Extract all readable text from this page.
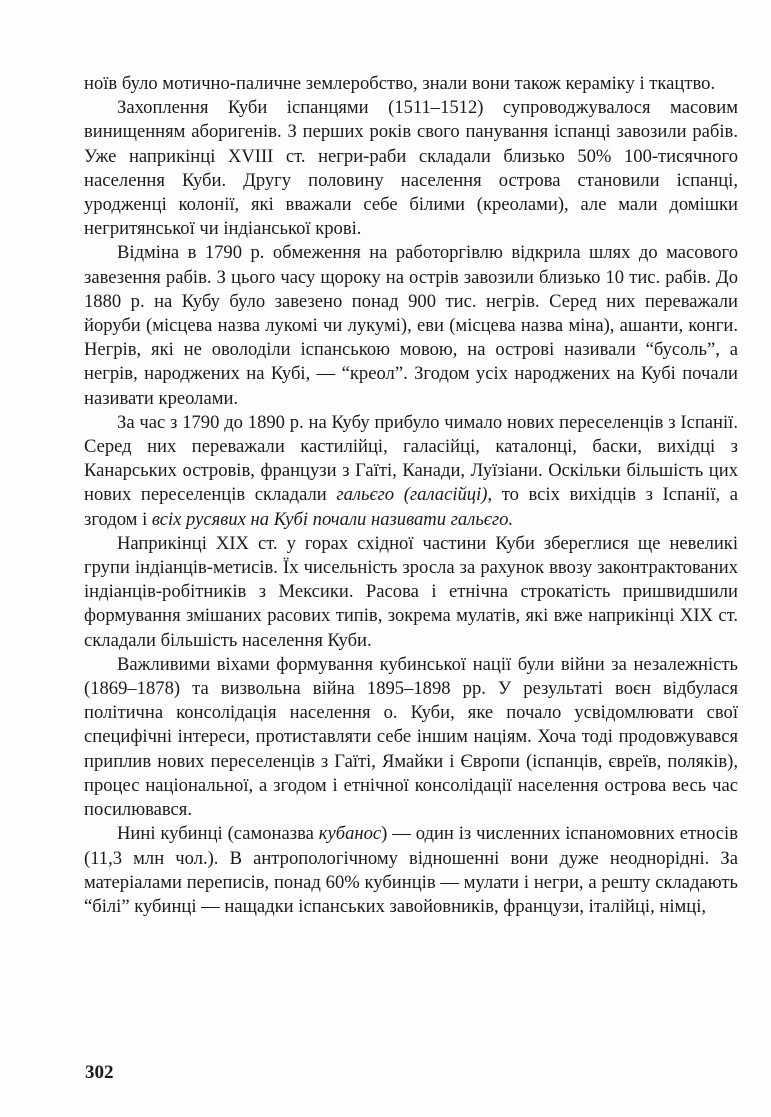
ноїв було мотично-паличне землеробство, знали вони також кераміку і ткацтво.

Захоплення Куби іспанцями (1511–1512) супроводжувалося масовим винищенням аборигенів. З перших років свого панування іспанці завозили рабів. Уже наприкінці XVIII ст. негри-раби складали близько 50% 100-тисячного населення Куби. Другу половину населення острова становили іспанці, уродженці колонії, які вважали себе білими (креолами), але мали домішки негритянської чи індіанської крові.

Відміна в 1790 р. обмеження на работоргівлю відкрила шлях до масового завезення рабів. З цього часу щороку на острів завозили близько 10 тис. рабів. До 1880 р. на Кубу було завезено понад 900 тис. негрів. Серед них переважали йоруби (місцева назва лукомі чи лукумі), еви (місцева назва міна), ашанти, конги. Негрів, які не оволоділи іспанською мовою, на острові називали “бусоль”, а негрів, народжених на Кубі, — “креол”. Згодом усіх народжених на Кубі почали називати креолами.

За час з 1790 до 1890 р. на Кубу прибуло чимало нових переселенців з Іспанії. Серед них переважали кастилійці, галасійці, каталонці, баски, вихідці з Канарських островів, французи з Гаїті, Канади, Луїзіани. Оскільки більшість цих нових переселенців складали гальєго (галасійці), то всіх вихідців з Іспанії, а згодом і всіх русявих на Кубі почали називати гальєго.

Наприкінці XIX ст. у горах східної частини Куби збереглися ще невеликі групи індіанців-метисів. Їх чисельність зросла за рахунок ввозу законтрактованих індіанців-робітників з Мексики. Расова і етнічна строкатість пришвидшили формування змішаних расових типів, зокрема мулатів, які вже наприкінці XIX ст. складали більшість населення Куби.

Важливими віхами формування кубинської нації були війни за незалежність (1869–1878) та визвольна війна 1895–1898 рр. У результаті воєн відбулася політична консолідація населення о. Куби, яке почало усвідомлювати свої специфічні інтереси, протиставляти себе іншим націям. Хоча тоді продовжувався приплив нових переселенців з Гаїті, Ямайки і Європи (іспанців, євреїв, поляків), процес національної, а згодом і етнічної консолідації населення острова весь час посилювався.

Нині кубинці (самоназва кубанос) — один із численних іспаномовних етносів (11,3 млн чол.). В антропологічному відношенні вони дуже неоднорідні. За матеріалами переписів, понад 60% кубинців — мулати і негри, а решту складають “білі” кубинці — нащадки іспанських завойовників, французи, італійці, німці,

302
